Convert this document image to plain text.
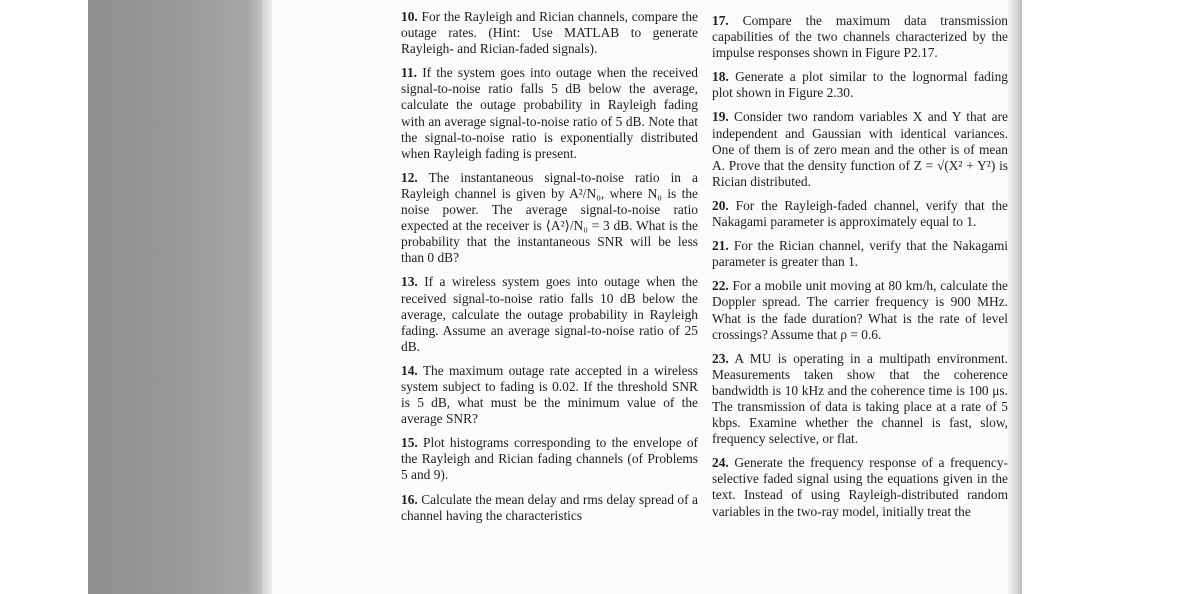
10. For the Rayleigh and Rician channels, compare the outage rates. (Hint: Use MATLAB to generate Rayleigh- and Rician-faded signals).

11. If the system goes into outage when the received signal-to-noise ratio falls 5 dB below the average, calculate the outage probability in Rayleigh fading with an average signal-to-noise ratio of 5 dB. Note that the signal-to-noise ratio is exponentially distributed when Rayleigh fading is present.

12. The instantaneous signal-to-noise ratio in a Rayleigh channel is given by A²/N₀, where N₀ is the noise power. The average signal-to-noise ratio expected at the receiver is ⟨A²⟩/N₀ = 3 dB. What is the probability that the instantaneous SNR will be less than 0 dB?

13. If a wireless system goes into outage when the received signal-to-noise ratio falls 10 dB below the average, calculate the outage probability in Rayleigh fading. Assume an average signal-to-noise ratio of 25 dB.

14. The maximum outage rate accepted in a wireless system subject to fading is 0.02. If the threshold SNR is 5 dB, what must be the minimum value of the average SNR?

15. Plot histograms corresponding to the envelope of the Rayleigh and Rician fading channels (of Problems 5 and 9).

16. Calculate the mean delay and rms delay spread of a channel having the characteristics

17. Compare the maximum data transmission capabilities of the two channels characterized by the impulse responses shown in Figure P2.17.

18. Generate a plot similar to the lognormal fading plot shown in Figure 2.30.

19. Consider two random variables X and Y that are independent and Gaussian with identical variances. One of them is of zero mean and the other is of mean A. Prove that the density function of Z = √(X² + Y²) is Rician distributed.

20. For the Rayleigh-faded channel, verify that the Nakagami parameter is approximately equal to 1.

21. For the Rician channel, verify that the Nakagami parameter is greater than 1.

22. For a mobile unit moving at 80 km/h, calculate the Doppler spread. The carrier frequency is 900 MHz. What is the fade duration? What is the rate of level crossings? Assume that ρ = 0.6.

23. A MU is operating in a multipath environment. Measurements taken show that the coherence bandwidth is 10 kHz and the coherence time is 100 μs. The transmission of data is taking place at a rate of 5 kbps. Examine whether the channel is fast, slow, frequency selective, or flat.

24. Generate the frequency response of a frequency-selective faded signal using the equations given in the text. Instead of using Rayleigh-distributed random variables in the two-ray model, initially treat the
